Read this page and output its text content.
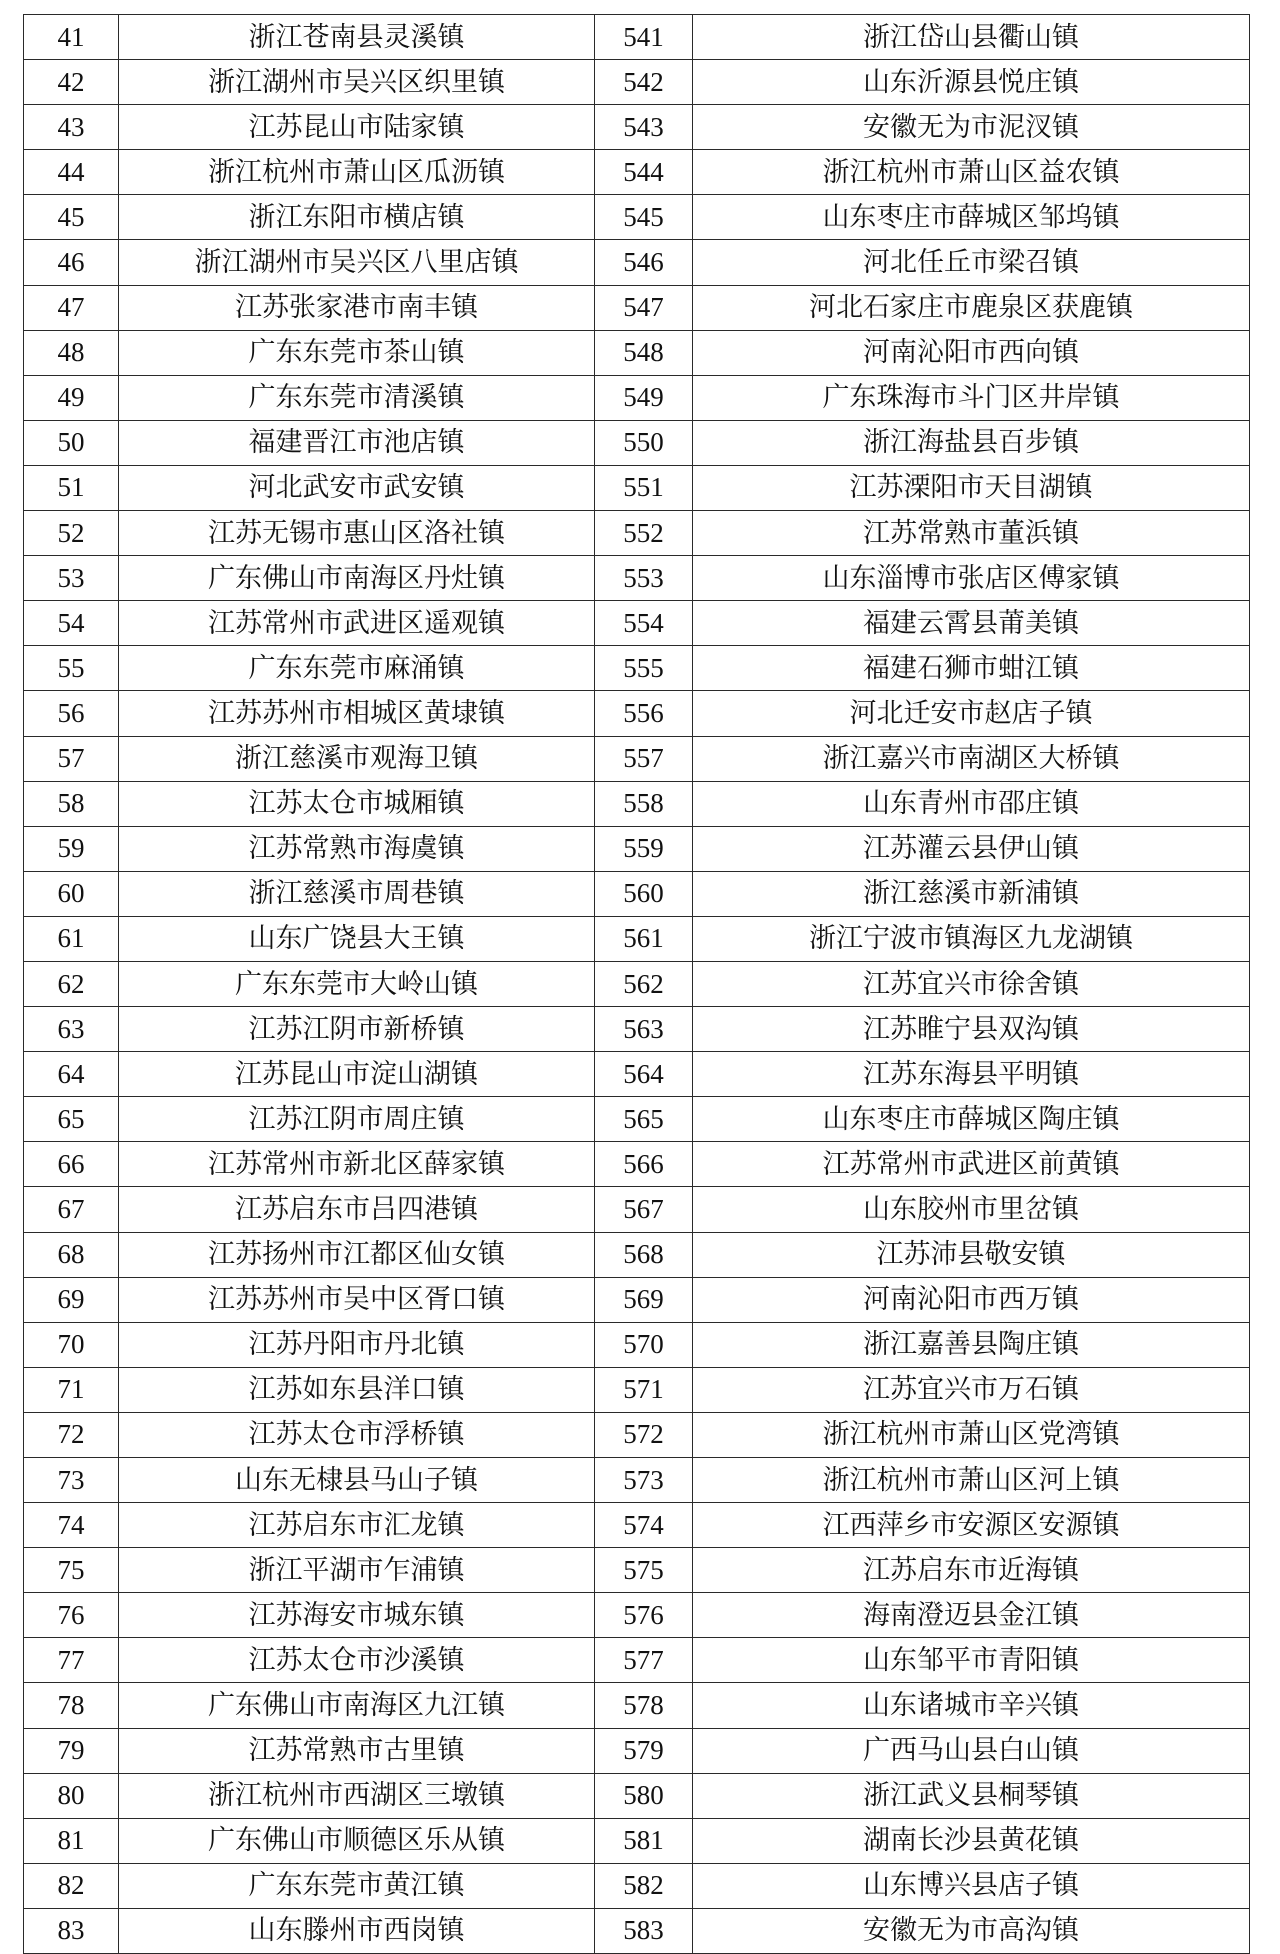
41	浙江苍南县灵溪镇	541	浙江岱山县衢山镇
42	浙江湖州市吴兴区织里镇	542	山东沂源县悦庄镇
43	江苏昆山市陆家镇	543	安徽无为市泥汊镇
44	浙江杭州市萧山区瓜沥镇	544	浙江杭州市萧山区益农镇
45	浙江东阳市横店镇	545	山东枣庄市薛城区邹坞镇
46	浙江湖州市吴兴区八里店镇	546	河北任丘市梁召镇
47	江苏张家港市南丰镇	547	河北石家庄市鹿泉区获鹿镇
48	广东东莞市茶山镇	548	河南沁阳市西向镇
49	广东东莞市清溪镇	549	广东珠海市斗门区井岸镇
50	福建晋江市池店镇	550	浙江海盐县百步镇
51	河北武安市武安镇	551	江苏溧阳市天目湖镇
52	江苏无锡市惠山区洛社镇	552	江苏常熟市董浜镇
53	广东佛山市南海区丹灶镇	553	山东淄博市张店区傅家镇
54	江苏常州市武进区遥观镇	554	福建云霄县莆美镇
55	广东东莞市麻涌镇	555	福建石狮市蚶江镇
56	江苏苏州市相城区黄埭镇	556	河北迁安市赵店子镇
57	浙江慈溪市观海卫镇	557	浙江嘉兴市南湖区大桥镇
58	江苏太仓市城厢镇	558	山东青州市邵庄镇
59	江苏常熟市海虞镇	559	江苏灌云县伊山镇
60	浙江慈溪市周巷镇	560	浙江慈溪市新浦镇
61	山东广饶县大王镇	561	浙江宁波市镇海区九龙湖镇
62	广东东莞市大岭山镇	562	江苏宜兴市徐舍镇
63	江苏江阴市新桥镇	563	江苏睢宁县双沟镇
64	江苏昆山市淀山湖镇	564	江苏东海县平明镇
65	江苏江阴市周庄镇	565	山东枣庄市薛城区陶庄镇
66	江苏常州市新北区薛家镇	566	江苏常州市武进区前黄镇
67	江苏启东市吕四港镇	567	山东胶州市里岔镇
68	江苏扬州市江都区仙女镇	568	江苏沛县敬安镇
69	江苏苏州市吴中区胥口镇	569	河南沁阳市西万镇
70	江苏丹阳市丹北镇	570	浙江嘉善县陶庄镇
71	江苏如东县洋口镇	571	江苏宜兴市万石镇
72	江苏太仓市浮桥镇	572	浙江杭州市萧山区党湾镇
73	山东无棣县马山子镇	573	浙江杭州市萧山区河上镇
74	江苏启东市汇龙镇	574	江西萍乡市安源区安源镇
75	浙江平湖市乍浦镇	575	江苏启东市近海镇
76	江苏海安市城东镇	576	海南澄迈县金江镇
77	江苏太仓市沙溪镇	577	山东邹平市青阳镇
78	广东佛山市南海区九江镇	578	山东诸城市辛兴镇
79	江苏常熟市古里镇	579	广西马山县白山镇
80	浙江杭州市西湖区三墩镇	580	浙江武义县桐琴镇
81	广东佛山市顺德区乐从镇	581	湖南长沙县黄花镇
82	广东东莞市黄江镇	582	山东博兴县店子镇
83	山东滕州市西岗镇	583	安徽无为市高沟镇
